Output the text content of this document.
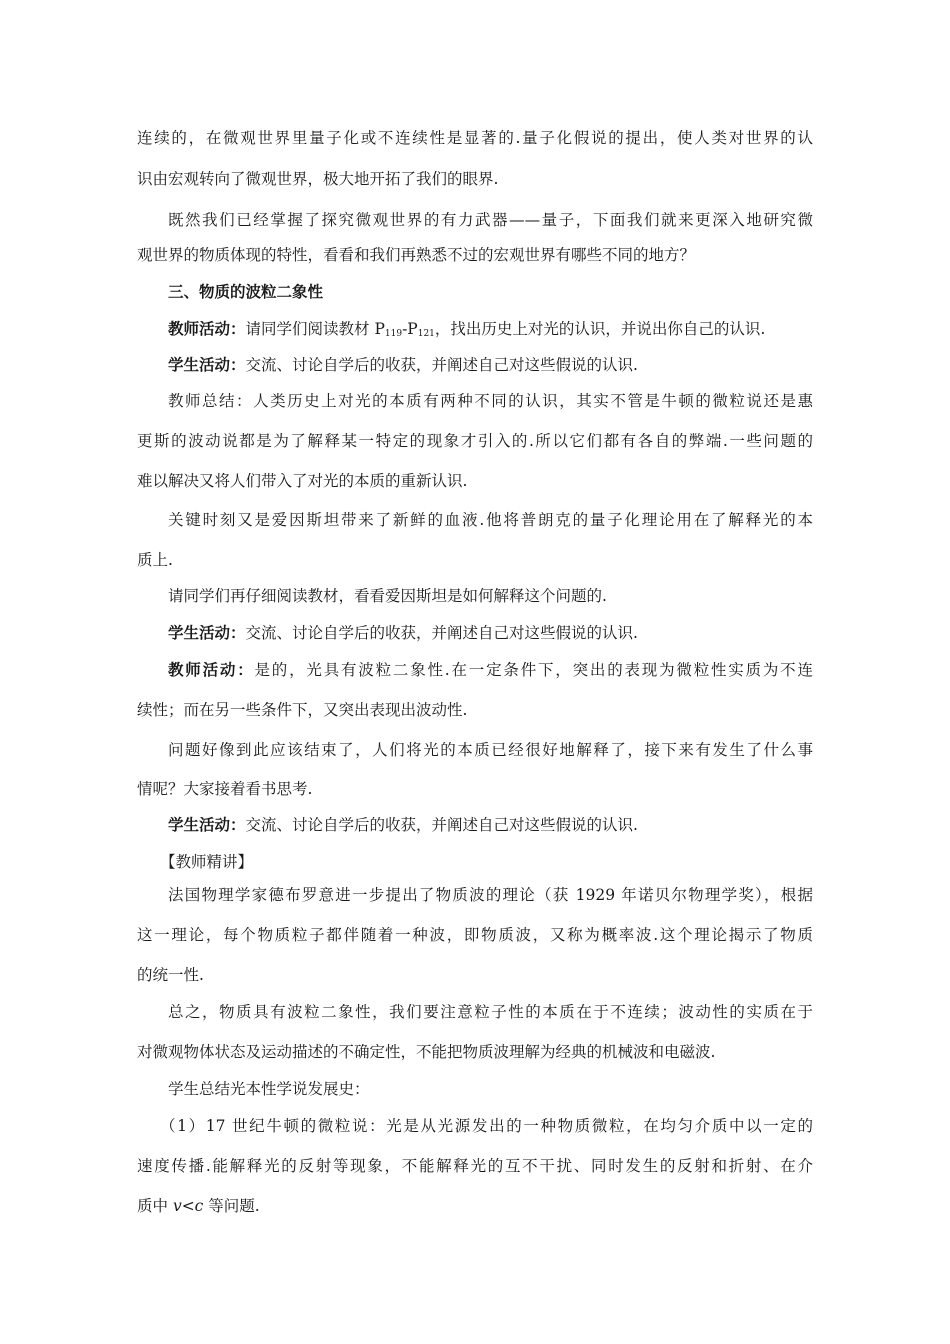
连续的，在微观世界里量子化或不连续性是显著的.量子化假说的提出，使人类对世界的认
识由宏观转向了微观世界，极大地开拓了我们的眼界.
既然我们已经掌握了探究微观世界的有力武器——量子，下面我们就来更深入地研究微
观世界的物质体现的特性，看看和我们再熟悉不过的宏观世界有哪些不同的地方？
三、物质的波粒二象性
教师活动：请同学们阅读教材 $P_{119}-P_{121}$，找出历史上对光的认识，并说出你自己的认识.
学生活动：交流、讨论自学后的收获，并阐述自己对这些假说的认识.
教师总结：人类历史上对光的本质有两种不同的认识，其实不管是牛顿的微粒说还是惠
更斯的波动说都是为了解释某一特定的现象才引入的.所以它们都有各自的弊端.一些问题的
难以解决又将人们带入了对光的本质的重新认识.
关键时刻又是爱因斯坦带来了新鲜的血液.他将普朗克的量子化理论用在了解释光的本
质上.
请同学们再仔细阅读教材，看看爱因斯坦是如何解释这个问题的.
学生活动：交流、讨论自学后的收获，并阐述自己对这些假说的认识.
教师活动：是的，光具有波粒二象性.在一定条件下，突出的表现为微粒性实质为不连
续性；而在另一些条件下，又突出表现出波动性.
问题好像到此应该结束了，人们将光的本质已经很好地解释了，接下来有发生了什么事
情呢？大家接着看书思考.
学生活动：交流、讨论自学后的收获，并阐述自己对这些假说的认识.
【教师精讲】
法国物理学家德布罗意进一步提出了物质波的理论（获 1929 年诺贝尔物理学奖），根据
这一理论，每个物质粒子都伴随着一种波，即物质波，又称为概率波.这个理论揭示了物质
的统一性.
总之，物质具有波粒二象性，我们要注意粒子性的本质在于不连续；波动性的实质在于
对微观物体状态及运动描述的不确定性，不能把物质波理解为经典的机械波和电磁波.
学生总结光本性学说发展史：
（1）17 世纪牛顿的微粒说：光是从光源发出的一种物质微粒，在均匀介质中以一定的
速度传播.能解释光的反射等现象，不能解释光的互不干扰、同时发生的反射和折射、在介
质中 v<c 等问题.
